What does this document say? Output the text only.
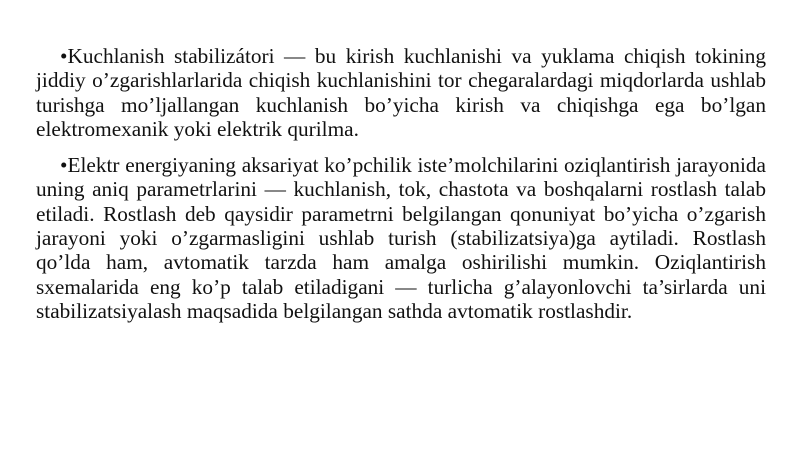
•Kuchlanish stabilizátori — bu kirish kuchlanishi va yuklama chiqish tokining jiddiy o’zgarishlarlarida chiqish kuchlanishini tor chegaralardagi miqdorlarda ushlab turishga mo’ljallangan kuchlanish bo’yicha kirish va chiqishga ega bo’lgan elektromexanik yoki elektrik qurilma.

•Elektr energiyaning aksariyat ko’pchilik iste’molchilarini oziqlantirish jarayonida uning aniq parametrlarini — kuchlanish, tok, chastota va boshqalarni rostlash talab etiladi. Rostlash deb qaysidir parametrni belgilangan qonuniyat bo’yicha o’zgarish jarayoni yoki o’zgarmasligini ushlab turish (stabilizatsiya)ga aytiladi. Rostlash qo’lda ham, avtomatik tarzda ham amalga oshirilishi mumkin. Oziqlantirish sxemalarida eng ko’p talab etiladigani — turlicha g’alayonlovchi ta’sirlarda uni stabilizatsiyalash maqsadida belgilangan sathda avtomatik rostlashdir.
